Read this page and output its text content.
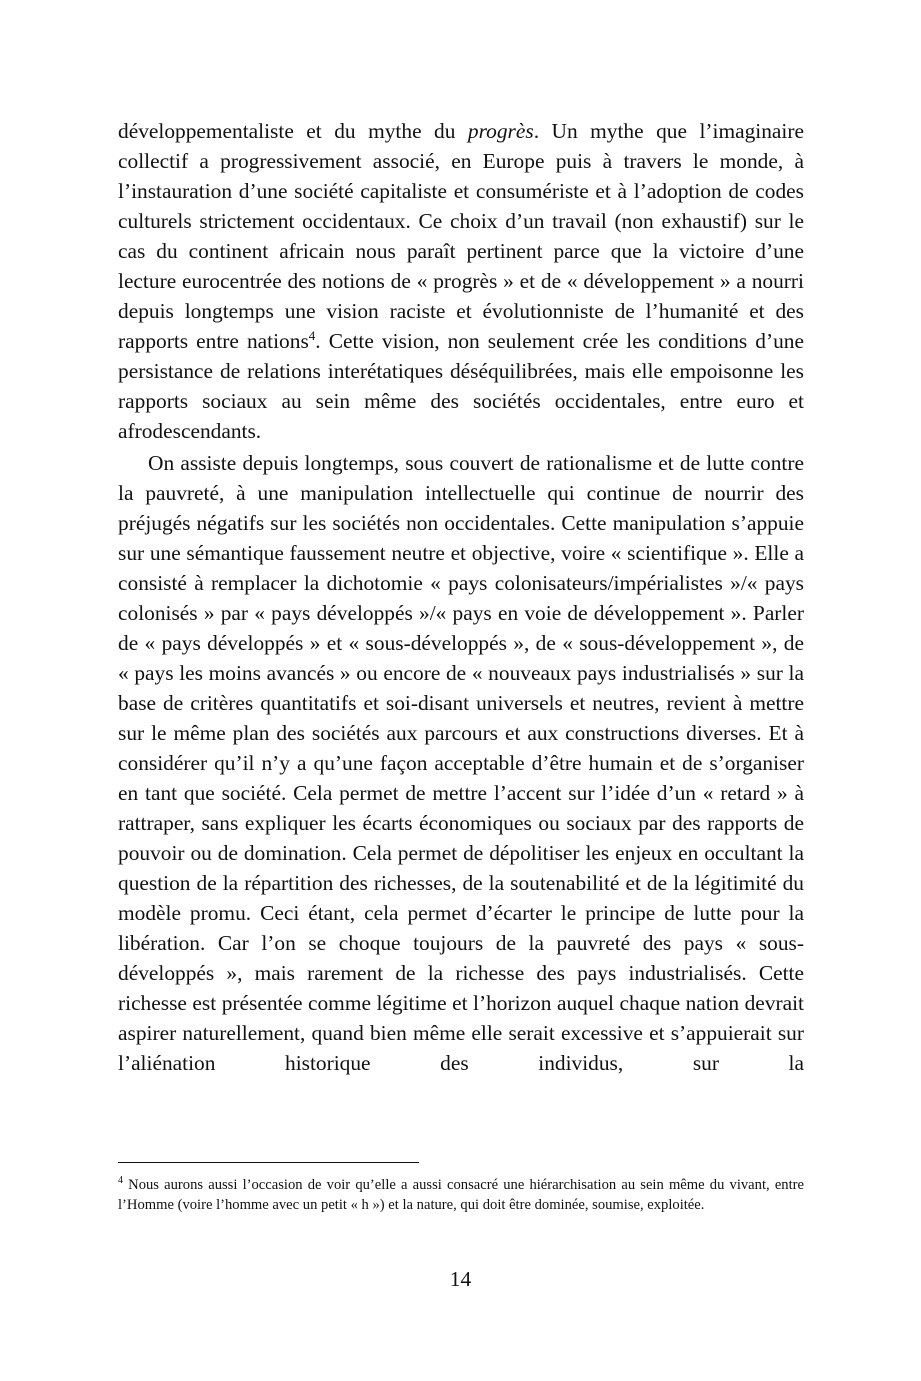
développementaliste et du mythe du progrès. Un mythe que l’imaginaire collectif a progressivement associé, en Europe puis à travers le monde, à l’instauration d’une société capitaliste et consumériste et à l’adoption de codes culturels strictement occidentaux. Ce choix d’un travail (non exhaustif) sur le cas du continent africain nous paraît pertinent parce que la victoire d’une lecture eurocentrée des notions de « progrès » et de « développement » a nourri depuis longtemps une vision raciste et évolutionniste de l’humanité et des rapports entre nations$^4$. Cette vision, non seulement crée les conditions d’une persistance de relations interétatiques déséquilibrées, mais elle empoisonne les rapports sociaux au sein même des sociétés occidentales, entre euro et afrodescendants.

On assiste depuis longtemps, sous couvert de rationalisme et de lutte contre la pauvreté, à une manipulation intellectuelle qui continue de nourrir des préjugés négatifs sur les sociétés non occidentales. Cette manipulation s’appuie sur une sémantique faussement neutre et objective, voire « scientifique ». Elle a consisté à remplacer la dichotomie « pays colonisateurs/impérialistes »/« pays colonisés » par « pays développés »/« pays en voie de développement ». Parler de « pays développés » et « sous-développés », de « sous-développement », de « pays les moins avancés » ou encore de « nouveaux pays industrialisés » sur la base de critères quantitatifs et soi-disant universels et neutres, revient à mettre sur le même plan des sociétés aux parcours et aux constructions diverses. Et à considérer qu’il n’y a qu’une façon acceptable d’être humain et de s’organiser en tant que société. Cela permet de mettre l’accent sur l’idée d’un « retard » à rattraper, sans expliquer les écarts économiques ou sociaux par des rapports de pouvoir ou de domination. Cela permet de dépolitiser les enjeux en occultant la question de la répartition des richesses, de la soutenabilité et de la légitimité du modèle promu. Ceci étant, cela permet d’écarter le principe de lutte pour la libération. Car l’on se choque toujours de la pauvreté des pays « sous-développés », mais rarement de la richesse des pays industrialisés. Cette richesse est présentée comme légitime et l’horizon auquel chaque nation devrait aspirer naturellement, quand bien même elle serait excessive et s’appuierait sur l’aliénation historique des individus, sur la

$^4$ Nous aurons aussi l’occasion de voir qu’elle a aussi consacré une hiérarchisation au sein même du vivant, entre l’Homme (voire l’homme avec un petit « h ») et la nature, qui doit être dominée, soumise, exploitée.
14
